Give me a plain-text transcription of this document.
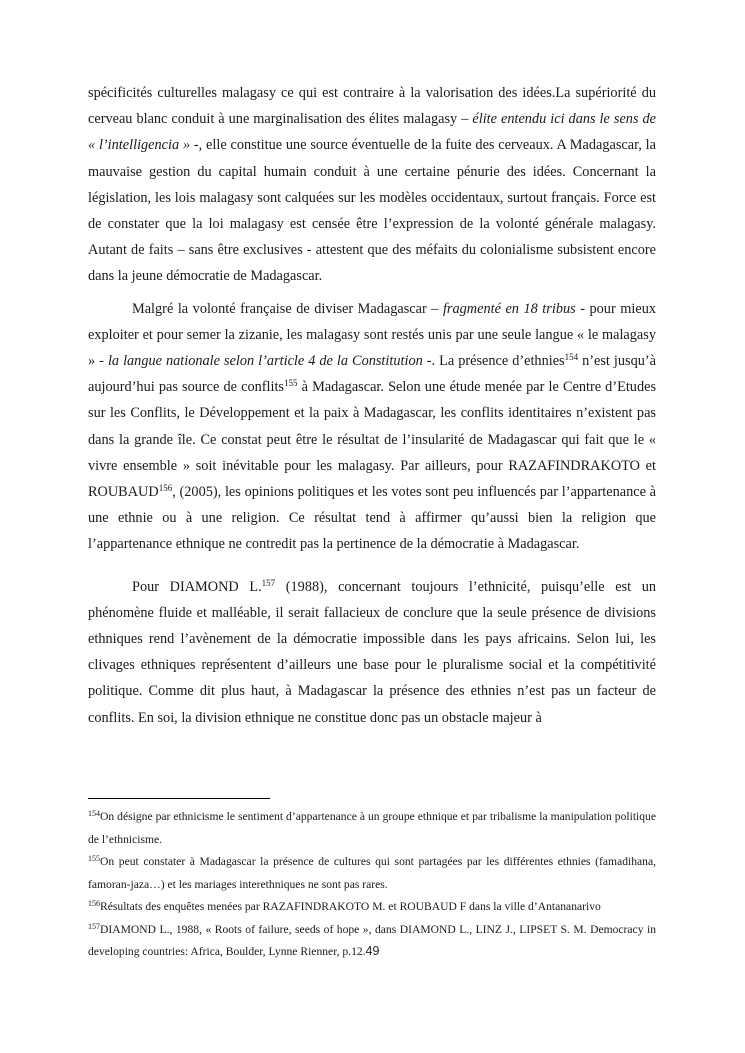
spécificités culturelles malagasy ce qui est contraire à la valorisation des idées.La supériorité du cerveau blanc conduit à une marginalisation des élites malagasy – élite entendu ici dans le sens de « l’intelligencia » -, elle constitue une source éventuelle de la fuite des cerveaux. A Madagascar, la mauvaise gestion du capital humain conduit à une certaine pénurie des idées. Concernant la législation, les lois malagasy sont calquées sur les modèles occidentaux, surtout français. Force est de constater que la loi malagasy est censée être l’expression de la volonté générale malagasy. Autant de faits – sans être exclusives - attestent que des méfaits du colonialisme subsistent encore dans la jeune démocratie de Madagascar.

Malgré la volonté française de diviser Madagascar – fragmenté en 18 tribus - pour mieux exploiter et pour semer la zizanie, les malagasy sont restés unis par une seule langue « le malagasy » - la langue nationale selon l’article 4 de la Constitution -. La présence d’ethnies$^{154}$ n’est jusqu’à aujourd’hui pas source de conflits$^{155}$ à Madagascar. Selon une étude menée par le Centre d’Etudes sur les Conflits, le Développement et la paix à Madagascar, les conflits identitaires n’existent pas dans la grande île. Ce constat peut être le résultat de l’insularité de Madagascar qui fait que le « vivre ensemble » soit inévitable pour les malagasy. Par ailleurs, pour RAZAFINDRAKOTO et ROUBAUD$^{156}$, (2005), les opinions politiques et les votes sont peu influencés par l’appartenance à une ethnie ou à une religion. Ce résultat tend à affirmer qu’aussi bien la religion que l’appartenance ethnique ne contredit pas la pertinence de la démocratie à Madagascar.

Pour DIAMOND L.$^{157}$ (1988), concernant toujours l’ethnicité, puisqu’elle est un phénomène fluide et malléable, il serait fallacieux de conclure que la seule présence de divisions ethniques rend l’avènement de la démocratie impossible dans les pays africains. Selon lui, les clivages ethniques représentent d’ailleurs une base pour le pluralisme social et la compétitivité politique. Comme dit plus haut, à Madagascar la présence des ethnies n’est pas un facteur de conflits. En soi, la division ethnique ne constitue donc pas un obstacle majeur à

$^{154}$On désigne par ethnicisme le sentiment d’appartenance à un groupe ethnique et par tribalisme la manipulation politique de l’ethnicisme.

$^{155}$On peut constater à Madagascar la présence de cultures qui sont partagées par les différentes ethnies (famadihana, famoran-jaza…) et les mariages interethniques ne sont pas rares.

$^{156}$Résultats des enquêtes menées par RAZAFINDRAKOTO M. et ROUBAUD F dans la ville d’Antananarivo

$^{157}$DIAMOND L., 1988, « Roots of failure, seeds of hope », dans DIAMOND L., LINZ J., LIPSET S. M. Democracy in developing countries: Africa, Boulder, Lynne Rienner, p.12. 49
